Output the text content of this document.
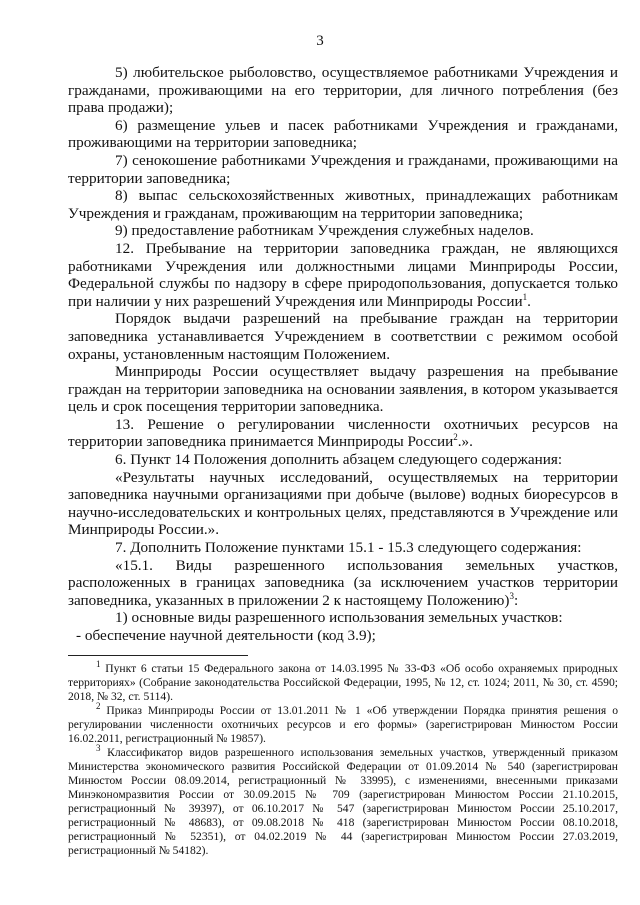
3

5) любительское рыболовство, осуществляемое работниками Учреждения и гражданами, проживающими на его территории, для личного потребления (без права продажи);

6) размещение ульев и пасек работниками Учреждения и гражданами, проживающими на территории заповедника;

7) сенокошение работниками Учреждения и гражданами, проживающими на территории заповедника;

8) выпас сельскохозяйственных животных, принадлежащих работникам Учреждения и гражданам, проживающим на территории заповедника;

9) предоставление работникам Учреждения служебных наделов.

12. Пребывание на территории заповедника граждан, не являющихся работниками Учреждения или должностными лицами Минприроды России, Федеральной службы по надзору в сфере природопользования, допускается только при наличии у них разрешений Учреждения или Минприроды России$^1$.

Порядок выдачи разрешений на пребывание граждан на территории заповедника устанавливается Учреждением в соответствии с режимом особой охраны, установленным настоящим Положением.

Минприроды России осуществляет выдачу разрешения на пребывание граждан на территории заповедника на основании заявления, в котором указывается цель и срок посещения территории заповедника.

13. Решение о регулировании численности охотничьих ресурсов на территории заповедника принимается Минприроды России$^2$.».

6. Пункт 14 Положения дополнить абзацем следующего содержания:

«Результаты научных исследований, осуществляемых на территории заповедника научными организациями при добыче (вылове) водных биоресурсов в научно-исследовательских и контрольных целях, представляются в Учреждение или Минприроды России.».

7. Дополнить Положение пунктами 15.1 - 15.3 следующего содержания:

«15.1. Виды разрешенного использования земельных участков, расположенных в границах заповедника (за исключением участков территории заповедника, указанных в приложении 2 к настоящему Положению)$^3$:

1) основные виды разрешенного использования земельных участков:

- обеспечение научной деятельности (код 3.9);

$^1$ Пункт 6 статьи 15 Федерального закона от 14.03.1995 № 33-ФЗ «Об особо охраняемых природных территориях» (Собрание законодательства Российской Федерации, 1995, № 12, ст. 1024; 2011, № 30, ст. 4590; 2018, № 32, ст. 5114).

$^2$ Приказ Минприроды России от 13.01.2011 № 1 «Об утверждении Порядка принятия решения о регулировании численности охотничьих ресурсов и его формы» (зарегистрирован Минюстом России 16.02.2011, регистрационный № 19857).

$^3$ Классификатор видов разрешенного использования земельных участков, утвержденный приказом Министерства экономического развития Российской Федерации от 01.09.2014 № 540 (зарегистрирован Минюстом России 08.09.2014, регистрационный № 33995), с изменениями, внесенными приказами Минэкономразвития России от 30.09.2015 № 709 (зарегистрирован Минюстом России 21.10.2015, регистрационный № 39397), от 06.10.2017 № 547 (зарегистрирован Минюстом России 25.10.2017, регистрационный № 48683), от 09.08.2018 № 418 (зарегистрирован Минюстом России 08.10.2018, регистрационный № 52351), от 04.02.2019 № 44 (зарегистрирован Минюстом России 27.03.2019, регистрационный № 54182).
